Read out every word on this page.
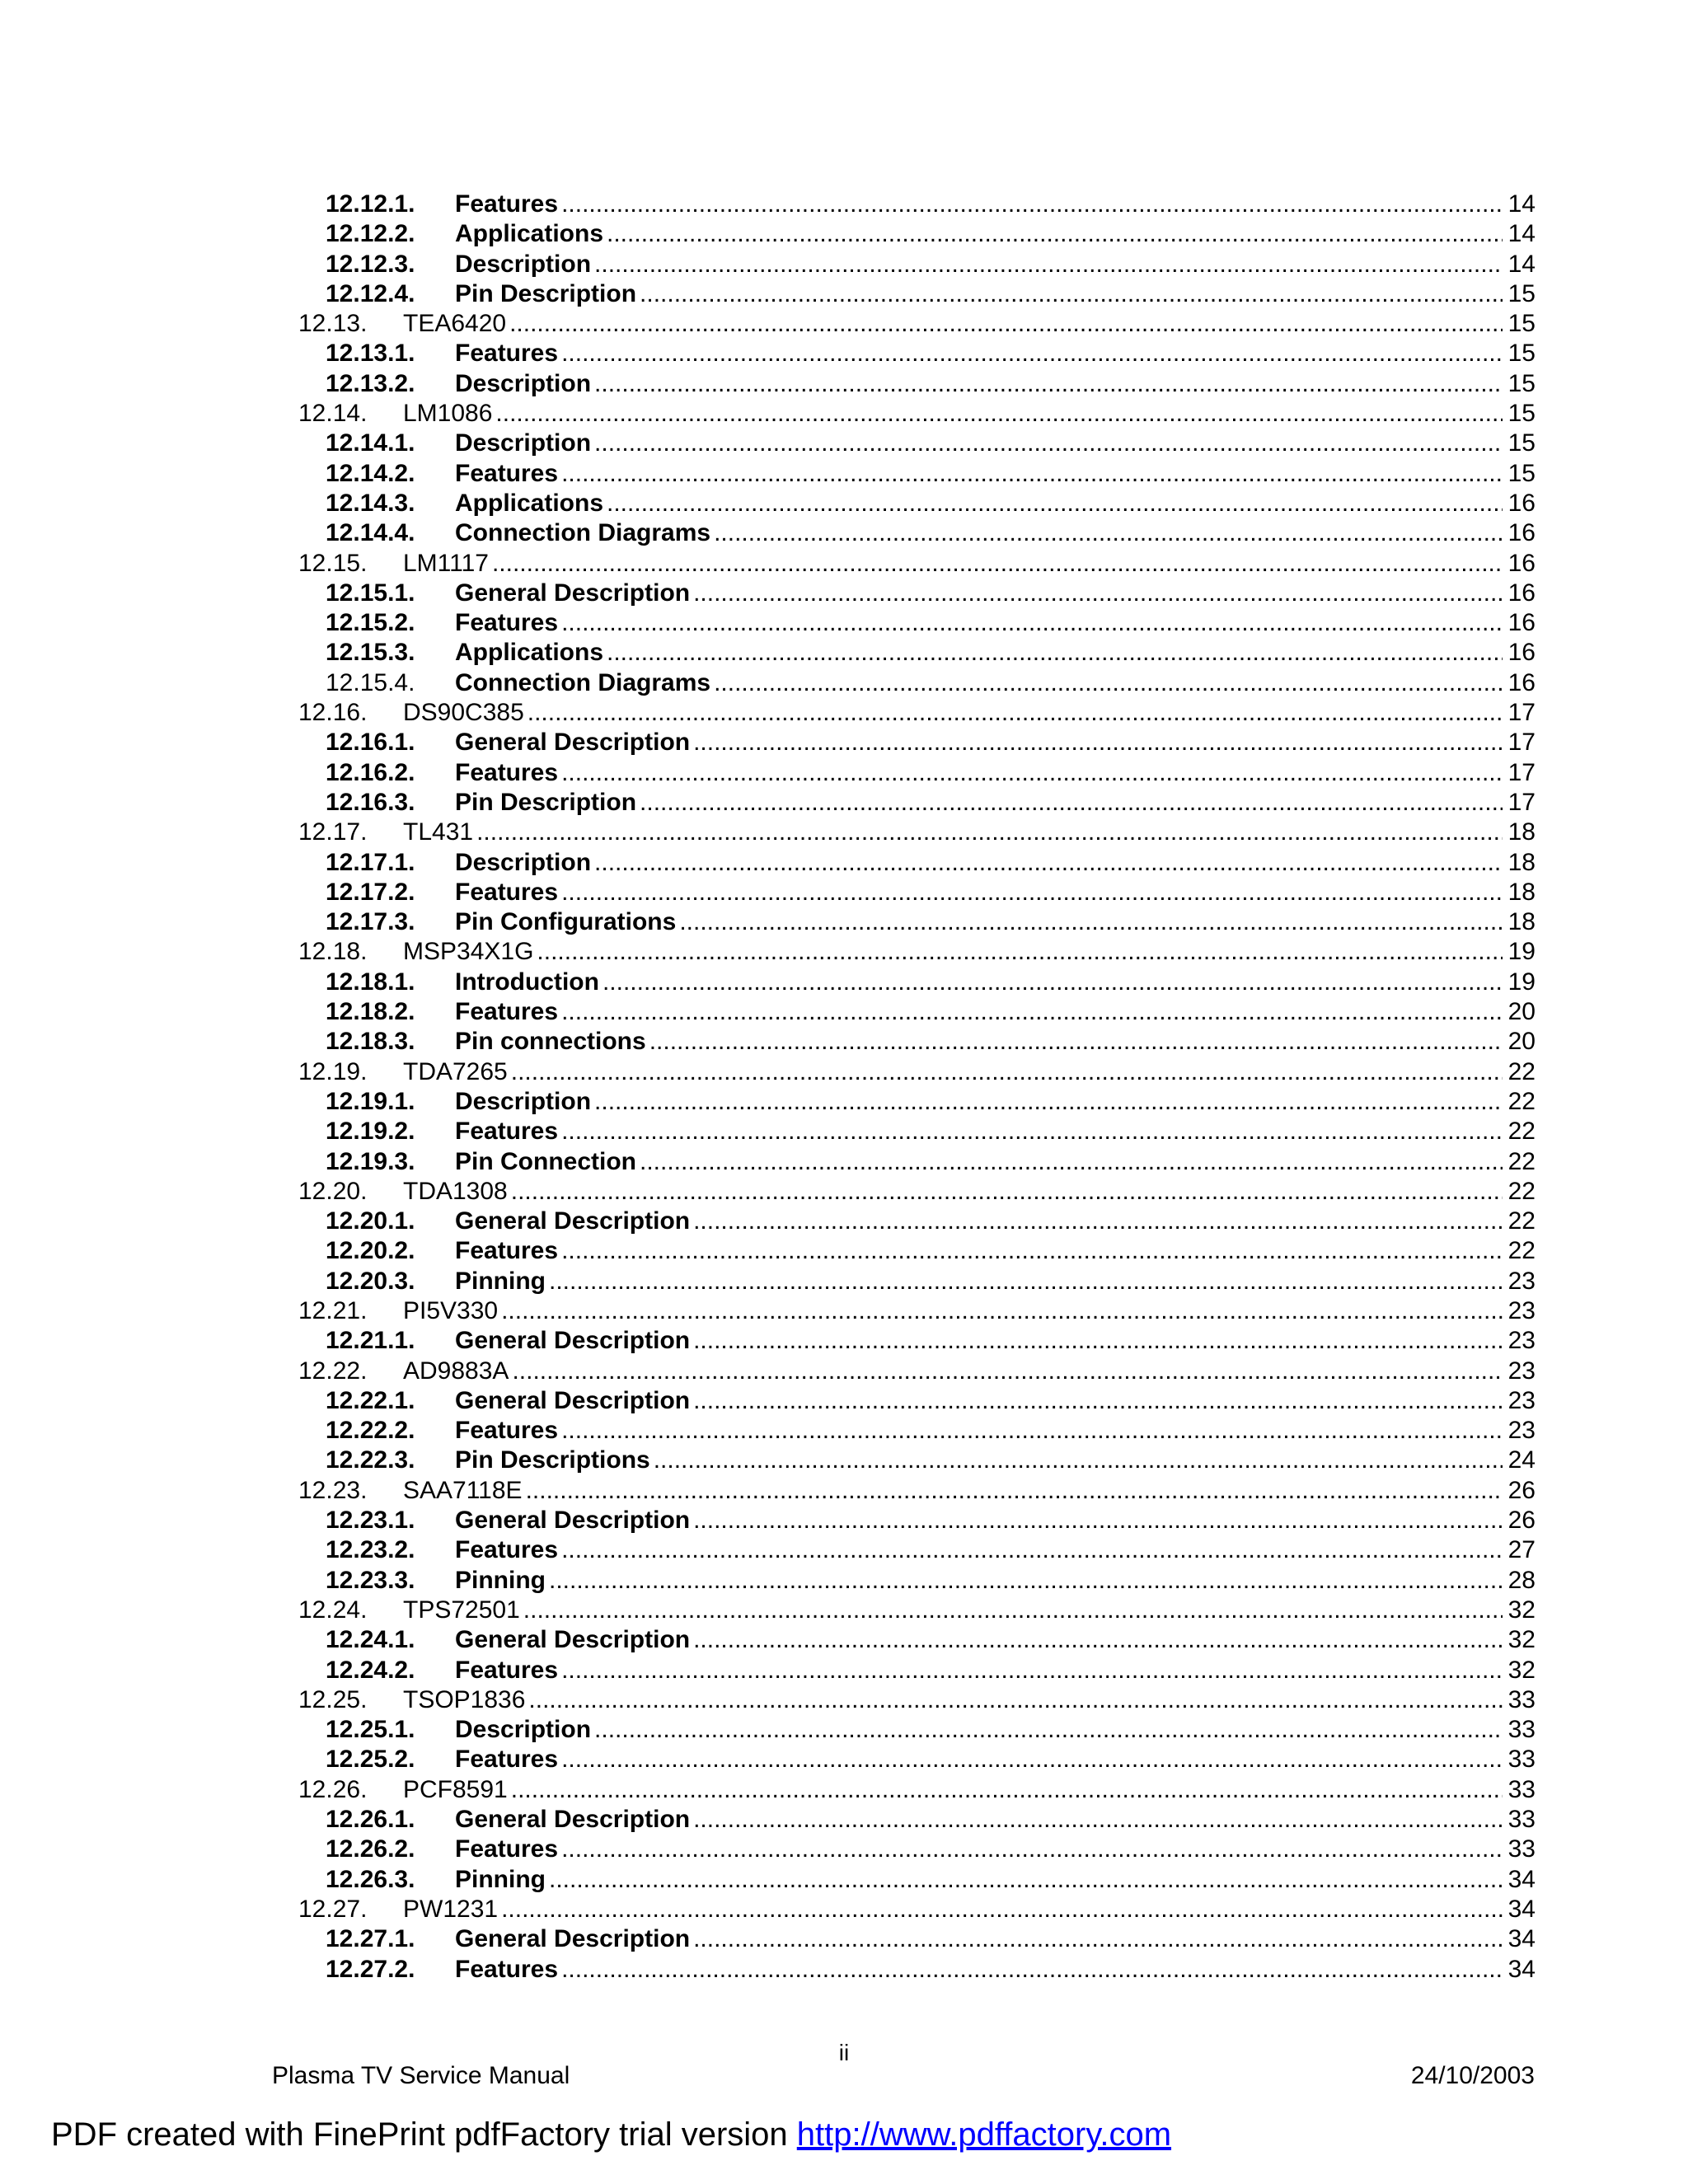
12.12.1. Features .....	14
12.12.2. Applications .....	14
12.12.3. Description .....	14
12.12.4. Pin Description .....	15
12.13. TEA6420 .....	15
12.13.1. Features .....	15
12.13.2. Description .....	15
12.14. LM1086 .....	15
12.14.1. Description .....	15
12.14.2. Features .....	15
12.14.3. Applications .....	16
12.14.4. Connection Diagrams .....	16
12.15. LM1117 .....	16
12.15.1. General Description .....	16
12.15.2. Features .....	16
12.15.3. Applications .....	16
12.15.4. Connection Diagrams .....	16
12.16. DS90C385 .....	17
12.16.1. General Description .....	17
12.16.2. Features .....	17
12.16.3. Pin Description .....	17
12.17. TL431 .....	18
12.17.1. Description .....	18
12.17.2. Features .....	18
12.17.3. Pin Configurations .....	18
12.18. MSP34X1G .....	19
12.18.1. Introduction .....	19
12.18.2. Features .....	20
12.18.3. Pin connections .....	20
12.19. TDA7265 .....	22
12.19.1. Description .....	22
12.19.2. Features .....	22
12.19.3. Pin Connection .....	22
12.20. TDA1308 .....	22
12.20.1. General Description .....	22
12.20.2. Features .....	22
12.20.3. Pinning .....	23
12.21. PI5V330 .....	23
12.21.1. General Description .....	23
12.22. AD9883A .....	23
12.22.1. General Description .....	23
12.22.2. Features .....	23
12.22.3. Pin Descriptions .....	24
12.23. SAA7118E .....	26
12.23.1. General Description .....	26
12.23.2. Features .....	27
12.23.3. Pinning .....	28
12.24. TPS72501 .....	32
12.24.1. General Description .....	32
12.24.2. Features .....	32
12.25. TSOP1836 .....	33
12.25.1. Description .....	33
12.25.2. Features .....	33
12.26. PCF8591 .....	33
12.26.1. General Description .....	33
12.26.2. Features .....	33
12.26.3. Pinning .....	34
12.27. PW1231 .....	34
12.27.1. General Description .....	34
12.27.2. Features .....	34
ii
Plasma TV Service Manual	24/10/2003
PDF created with FinePrint pdfFactory trial version http://www.pdffactory.com
